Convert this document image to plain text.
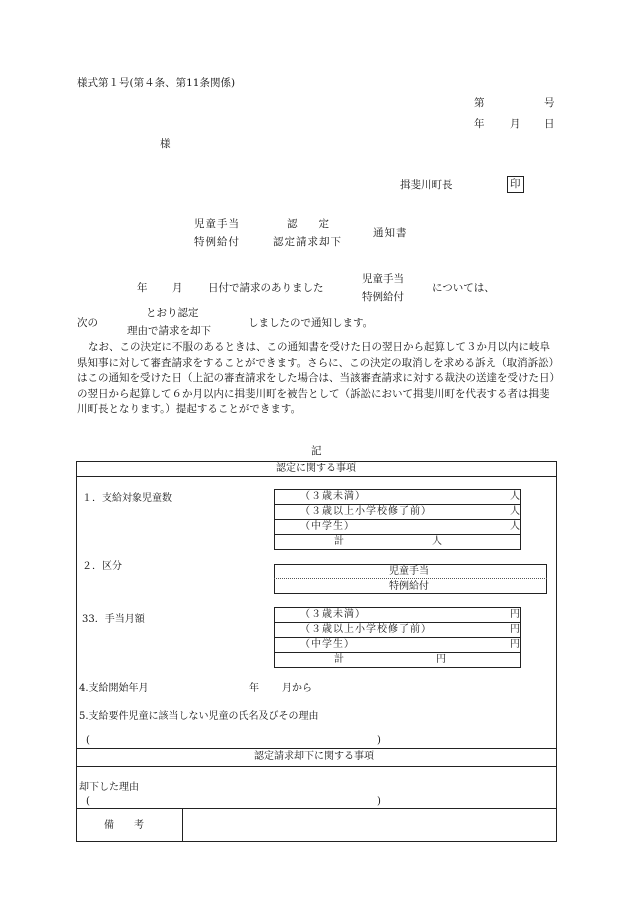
様式第１号(第４条、第11条関係)
第	号
年 月 日
様
揖斐川町長	印
児童手当
特例給付
認　　定
認定請求却下
通知書
年 月 日付で請求のありました
児童手当
特例給付
については、
次の
とおり認定
理由で請求を却下
しましたので通知します。
なお、この決定に不服のあるときは、この通知書を受けた日の翌日から起算して３か月以内に岐阜県知事に対して審査請求をすることができます。さらに、この決定の取消しを求める訴え（取消訴訟）はこの通知を受けた日（上記の審査請求をした場合は、当該審査請求に対する裁決の送達を受けた日）の翌日から起算して６か月以内に揖斐川町を被告として（訴訟において揖斐川町を代表する者は揖斐川町長となります。）提起することができます。
記
認定に関する事項
１．支給対象児童数	（３歳未満）	人
（３歳以上小学校修了前）	人
（中学生）	人
計	人
２．区分	児童手当
特例給付
33．手当月額	（３歳未満）	円
（３歳以上小学校修了前）	円
（中学生）	円
計	円
4.支給開始年月	年 月から
5.支給要件児童に該当しない児童の氏名及びその理由
(	)
認定請求却下に関する事項
却下した理由
(	)
備　　考
